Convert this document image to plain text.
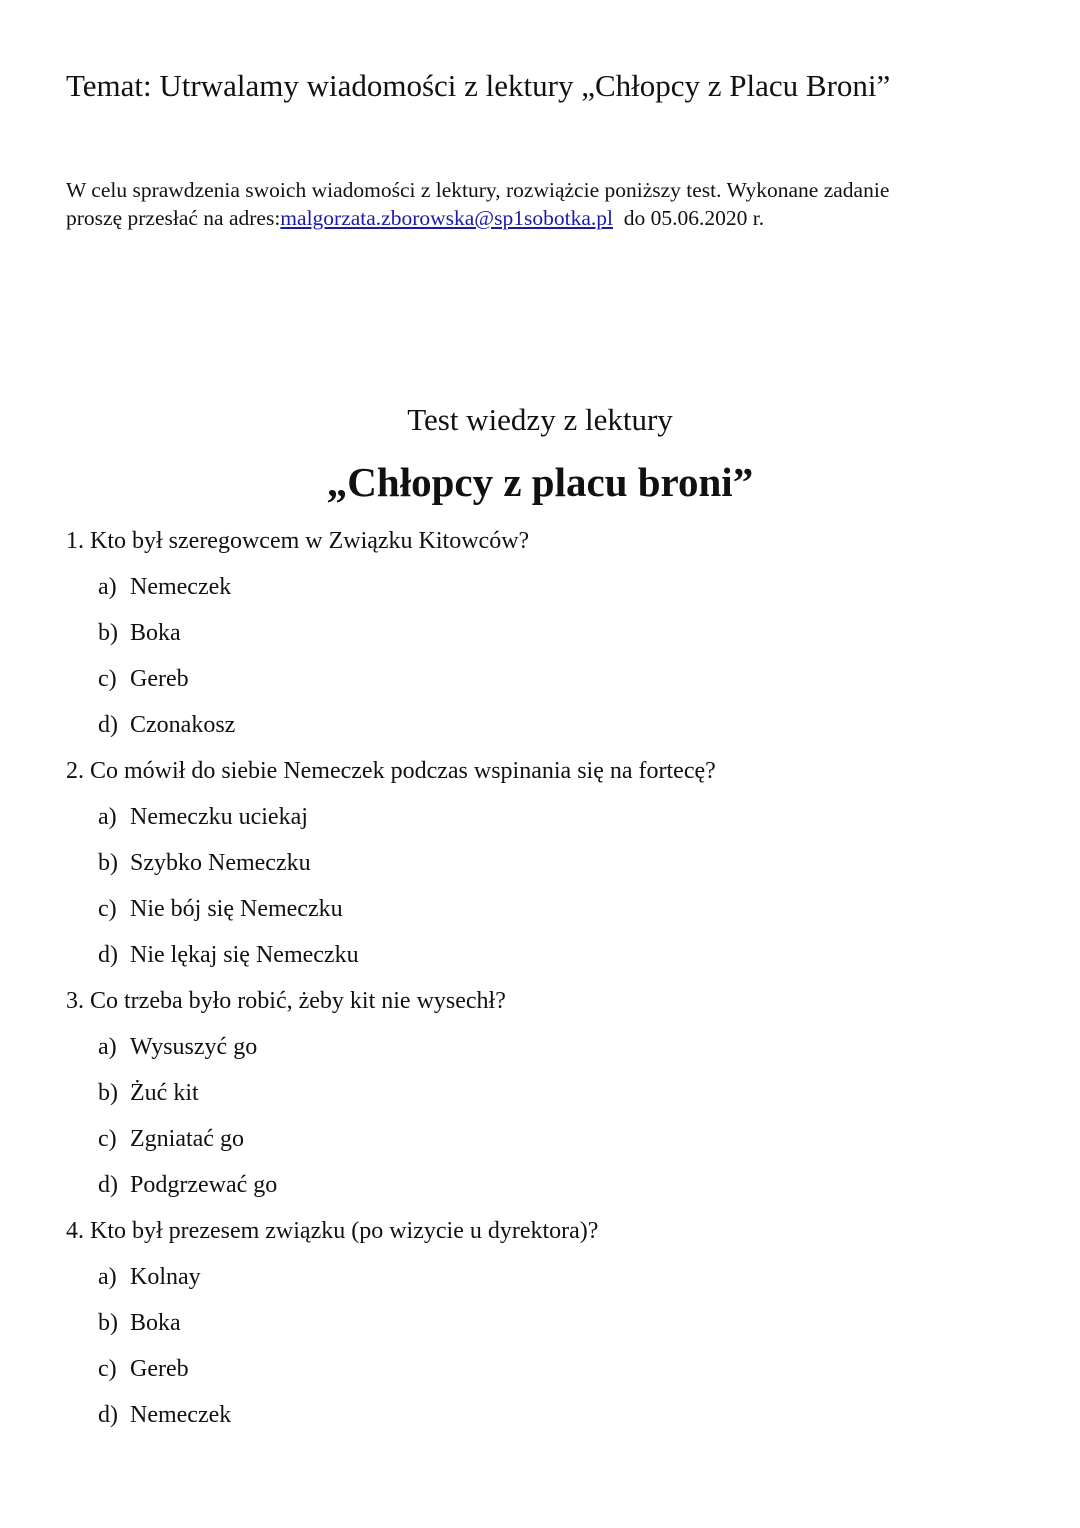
Temat: Utrwalamy wiadomości z lektury „Chłopcy z Placu Broni”
W celu sprawdzenia swoich wiadomości z lektury, rozwiążcie poniższy test. Wykonane zadanie
proszę przesłać na adres:malgorzata.zborowska@sp1sobotka.pl  do 05.06.2020 r.
Test wiedzy z lektury
„Chłopcy z placu broni”
1. Kto był szeregowcem w Związku Kitowców?
a) Nemeczek
b) Boka
c) Gereb
d) Czonakosz
2. Co mówił do siebie Nemeczek podczas wspinania się na fortecę?
a) Nemeczku uciekaj
b) Szybko Nemeczku
c) Nie bój się Nemeczku
d) Nie lękaj się Nemeczku
3. Co trzeba było robić, żeby kit nie wysechł?
a) Wysuszyć go
b) Żuć kit
c) Zgniatać go
d) Podgrzewać go
4. Kto był prezesem związku (po wizycie u dyrektora)?
a) Kolnay
b) Boka
c) Gereb
d) Nemeczek
